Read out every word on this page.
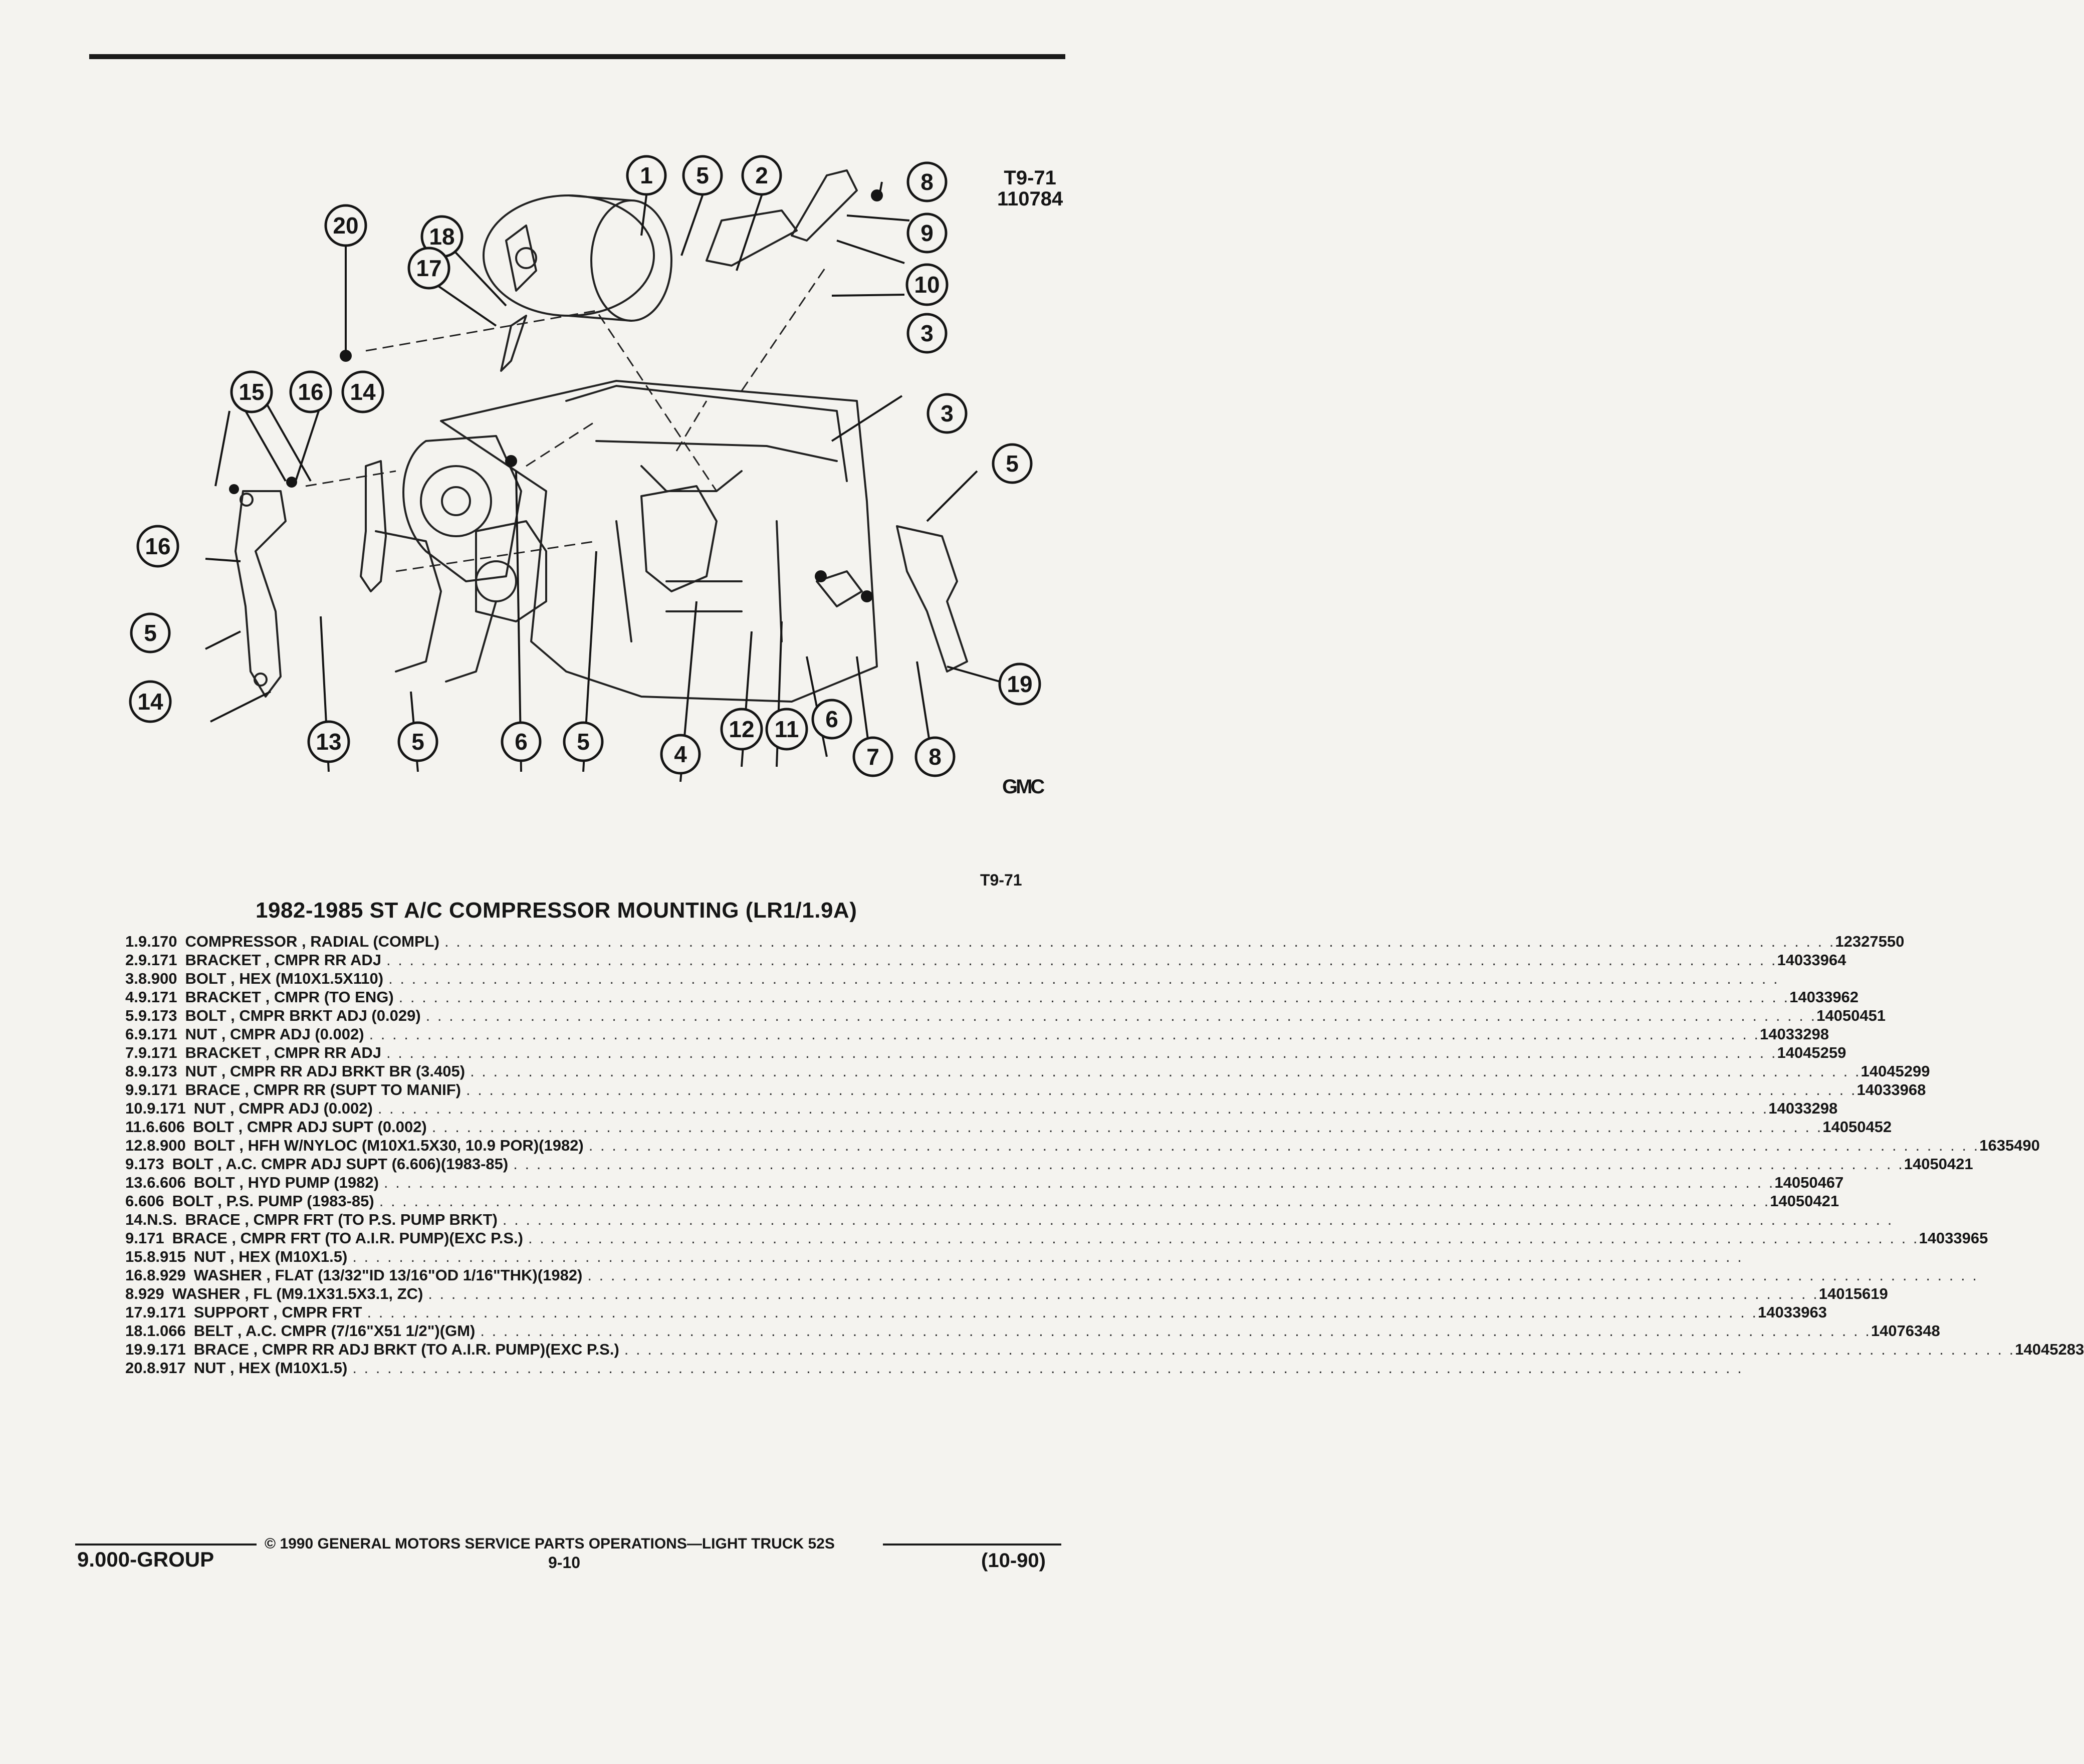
T9-71
110784
1 5 2	8
9
10
3
20	18
17
15 16 14
3
5
16
5
14
13	5	6 5	4
12 11 6
7 8
19
GMC
T9-71
1982-1985 ST A/C COMPRESSOR MOUNTING (LR1/1.9A)
1. 9.170 COMPRESSOR , RADIAL (COMPL) . . . . . . . . . . . . . . . . . . . . . . . . . . . . . . . . . . . . . . . . . . . . . . . . . . . . . . . . . . . . . . . . . . . . . . . . . . . . . . . . . . . . . . . . . . . . . . . . . . . . . . . . . . . . . . . . . . . . . . . . 12327550
2. 9.171 BRACKET , CMPR RR ADJ . . . . . . . . . . . . . . . . . . . . . . . . . . . . . . . . . . . . . . . . . . . . . . . . . . . . . . . . . . . . . . . . . . . . . . . . . . . . . . . . . . . . . . . . . . . . . . . . . . . . . . . . . . . . . . . . . . . . . . . . 14033964
3. 8.900 BOLT , HEX (M10X1.5X110) . . . . . . . . . . . . . . . . . . . . . . . . . . . . . . . . . . . . . . . . . . . . . . . . . . . . . . . . . . . . . . . . . . . . . . . . . . . . . . . . . . . . . . . . . . . . . . . . . . . . . . . . . . . . . . . . . . . . . . . .
4. 9.171 BRACKET , CMPR (TO ENG) . . . . . . . . . . . . . . . . . . . . . . . . . . . . . . . . . . . . . . . . . . . . . . . . . . . . . . . . . . . . . . . . . . . . . . . . . . . . . . . . . . . . . . . . . . . . . . . . . . . . . . . . . . . . . . . . . . . . . . . . 14033962
5. 9.173 BOLT , CMPR BRKT ADJ (0.029) . . . . . . . . . . . . . . . . . . . . . . . . . . . . . . . . . . . . . . . . . . . . . . . . . . . . . . . . . . . . . . . . . . . . . . . . . . . . . . . . . . . . . . . . . . . . . . . . . . . . . . . . . . . . . . . . . . . . . . . . 14050451
6. 9.171 NUT , CMPR ADJ (0.002) . . . . . . . . . . . . . . . . . . . . . . . . . . . . . . . . . . . . . . . . . . . . . . . . . . . . . . . . . . . . . . . . . . . . . . . . . . . . . . . . . . . . . . . . . . . . . . . . . . . . . . . . . . . . . . . . . . . . . . . . 14033298
7. 9.171 BRACKET , CMPR RR ADJ . . . . . . . . . . . . . . . . . . . . . . . . . . . . . . . . . . . . . . . . . . . . . . . . . . . . . . . . . . . . . . . . . . . . . . . . . . . . . . . . . . . . . . . . . . . . . . . . . . . . . . . . . . . . . . . . . . . . . . . . 14045259
8. 9.173 NUT , CMPR RR ADJ BRKT BR (3.405) . . . . . . . . . . . . . . . . . . . . . . . . . . . . . . . . . . . . . . . . . . . . . . . . . . . . . . . . . . . . . . . . . . . . . . . . . . . . . . . . . . . . . . . . . . . . . . . . . . . . . . . . . . . . . . . . . . . . . . . . 14045299
9. 9.171 BRACE , CMPR RR (SUPT TO MANIF) . . . . . . . . . . . . . . . . . . . . . . . . . . . . . . . . . . . . . . . . . . . . . . . . . . . . . . . . . . . . . . . . . . . . . . . . . . . . . . . . . . . . . . . . . . . . . . . . . . . . . . . . . . . . . . . . . . . . . . . . 14033968
10. 9.171 NUT , CMPR ADJ (0.002) . . . . . . . . . . . . . . . . . . . . . . . . . . . . . . . . . . . . . . . . . . . . . . . . . . . . . . . . . . . . . . . . . . . . . . . . . . . . . . . . . . . . . . . . . . . . . . . . . . . . . . . . . . . . . . . . . . . . . . . . 14033298
11. 6.606 BOLT , CMPR ADJ SUPT (0.002) . . . . . . . . . . . . . . . . . . . . . . . . . . . . . . . . . . . . . . . . . . . . . . . . . . . . . . . . . . . . . . . . . . . . . . . . . . . . . . . . . . . . . . . . . . . . . . . . . . . . . . . . . . . . . . . . . . . . . . . . 14050452
12. 8.900 BOLT , HFH W/NYLOC (M10X1.5X30, 10.9 POR)(1982) . . . . . . . . . . . . . . . . . . . . . . . . . . . . . . . . . . . . . . . . . . . . . . . . . . . . . . . . . . . . . . . . . . . . . . . . . . . . . . . . . . . . . . . . . . . . . . . . . . . . . . . . . . . . . . . . . . . . . . . . 1635490
9.173 BOLT , A.C. CMPR ADJ SUPT (6.606)(1983-85) . . . . . . . . . . . . . . . . . . . . . . . . . . . . . . . . . . . . . . . . . . . . . . . . . . . . . . . . . . . . . . . . . . . . . . . . . . . . . . . . . . . . . . . . . . . . . . . . . . . . . . . . . . . . . . . . . . . . . . . . 14050421
13. 6.606 BOLT , HYD PUMP (1982) . . . . . . . . . . . . . . . . . . . . . . . . . . . . . . . . . . . . . . . . . . . . . . . . . . . . . . . . . . . . . . . . . . . . . . . . . . . . . . . . . . . . . . . . . . . . . . . . . . . . . . . . . . . . . . . . . . . . . . . . 14050467
6.606 BOLT , P.S. PUMP (1983-85) . . . . . . . . . . . . . . . . . . . . . . . . . . . . . . . . . . . . . . . . . . . . . . . . . . . . . . . . . . . . . . . . . . . . . . . . . . . . . . . . . . . . . . . . . . . . . . . . . . . . . . . . . . . . . . . . . . . . . . . . 14050421
14. N.S. BRACE , CMPR FRT (TO P.S. PUMP BRKT) . . . . . . . . . . . . . . . . . . . . . . . . . . . . . . . . . . . . . . . . . . . . . . . . . . . . . . . . . . . . . . . . . . . . . . . . . . . . . . . . . . . . . . . . . . . . . . . . . . . . . . . . . . . . . . . . . . . . . . . .
9.171 BRACE , CMPR FRT (TO A.I.R. PUMP)(EXC P.S.) . . . . . . . . . . . . . . . . . . . . . . . . . . . . . . . . . . . . . . . . . . . . . . . . . . . . . . . . . . . . . . . . . . . . . . . . . . . . . . . . . . . . . . . . . . . . . . . . . . . . . . . . . . . . . . . . . . . . . . . . 14033965
15. 8.915 NUT , HEX (M10X1.5) . . . . . . . . . . . . . . . . . . . . . . . . . . . . . . . . . . . . . . . . . . . . . . . . . . . . . . . . . . . . . . . . . . . . . . . . . . . . . . . . . . . . . . . . . . . . . . . . . . . . . . . . . . . . . . . . . . . . . . . .
16. 8.929 WASHER , FLAT (13/32"ID 13/16"OD 1/16"THK)(1982) . . . . . . . . . . . . . . . . . . . . . . . . . . . . . . . . . . . . . . . . . . . . . . . . . . . . . . . . . . . . . . . . . . . . . . . . . . . . . . . . . . . . . . . . . . . . . . . . . . . . . . . . . . . . . . . . . . . . . . . .
8.929 WASHER , FL (M9.1X31.5X3.1, ZC) . . . . . . . . . . . . . . . . . . . . . . . . . . . . . . . . . . . . . . . . . . . . . . . . . . . . . . . . . . . . . . . . . . . . . . . . . . . . . . . . . . . . . . . . . . . . . . . . . . . . . . . . . . . . . . . . . . . . . . . . 14015619
17. 9.171 SUPPORT , CMPR FRT . . . . . . . . . . . . . . . . . . . . . . . . . . . . . . . . . . . . . . . . . . . . . . . . . . . . . . . . . . . . . . . . . . . . . . . . . . . . . . . . . . . . . . . . . . . . . . . . . . . . . . . . . . . . . . . . . . . . . . . . 14033963
18. 1.066 BELT , A.C. CMPR (7/16"X51 1/2")(GM) . . . . . . . . . . . . . . . . . . . . . . . . . . . . . . . . . . . . . . . . . . . . . . . . . . . . . . . . . . . . . . . . . . . . . . . . . . . . . . . . . . . . . . . . . . . . . . . . . . . . . . . . . . . . . . . . . . . . . . . . 14076348
19. 9.171 BRACE , CMPR RR ADJ BRKT (TO A.I.R. PUMP)(EXC P.S.) . . . . . . . . . . . . . . . . . . . . . . . . . . . . . . . . . . . . . . . . . . . . . . . . . . . . . . . . . . . . . . . . . . . . . . . . . . . . . . . . . . . . . . . . . . . . . . . . . . . . . . . . . . . . . . . . . . . . . . . . 14045283
20. 8.917 NUT , HEX (M10X1.5) . . . . . . . . . . . . . . . . . . . . . . . . . . . . . . . . . . . . . . . . . . . . . . . . . . . . . . . . . . . . . . . . . . . . . . . . . . . . . . . . . . . . . . . . . . . . . . . . . . . . . . . . . . . . . . . . . . . . . . . .
9.000-GROUP
© 1990 GENERAL MOTORS SERVICE PARTS OPERATIONS—LIGHT TRUCK 52S
9-10	(10-90)
